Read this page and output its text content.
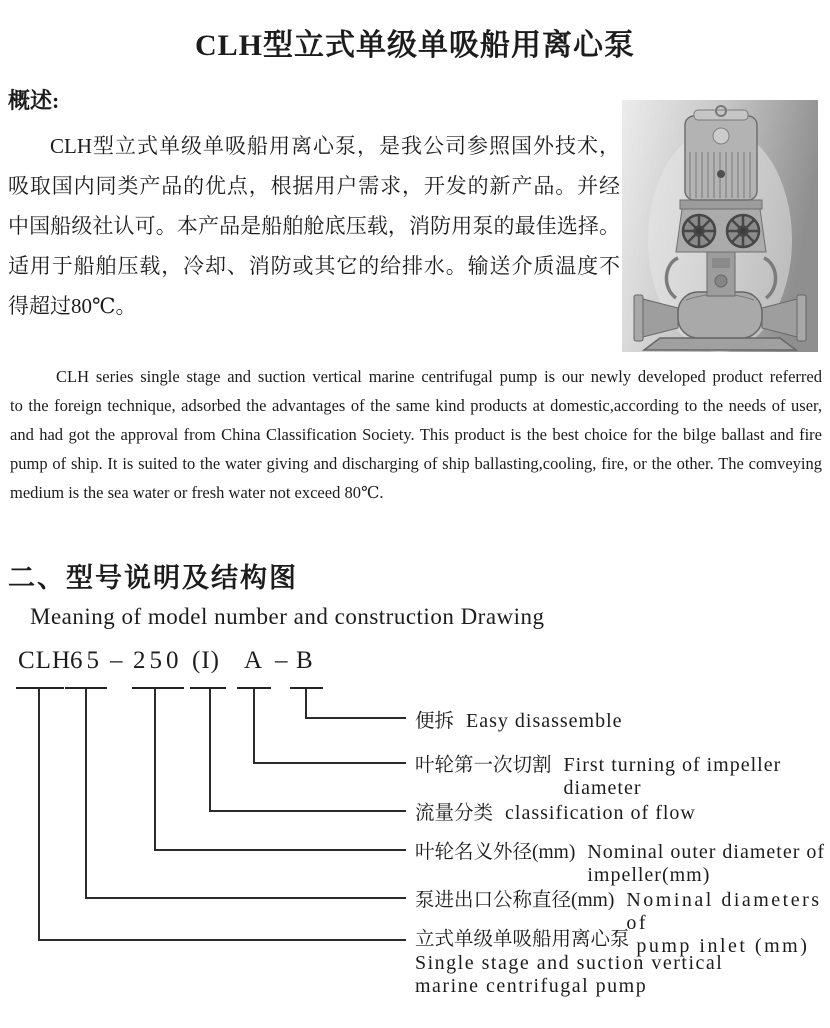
CLH型立式单级单吸船用离心泵
概述:
CLH型立式单级单吸船用离心泵，是我公司参照国外技术，
吸取国内同类产品的优点，根据用户需求，开发的新产品。并经
中国船级社认可。本产品是船舶舱底压载，消防用泵的最佳选择。
适用于船舶压载，冷却、消防或其它的给排水。输送介质温度不
得超过80℃。
CLH series single stage and suction vertical marine centrifugal pump is our newly developed product referred
to the foreign technique, adsorbed the advantages of the same kind products at domestic,according to the needs of user,
and had got the approval from China Classification Society. This product is the best choice for the bilge ballast and fire
pump of ship. It is suited to the water giving and discharging of ship ballasting,cooling, fire, or the other. The comveying
medium is the sea water or fresh water not exceed 80℃.
二、型号说明及结构图
Meaning of model number and construction Drawing
CLH 65 – 250 (I) A – B
便拆 Easy disassemble
叶轮第一次切割 First turning of impeller
diameter
流量分类 classification of flow
叶轮名义外径(mm) Nominal outer diameter of
impeller(mm)
泵进出口公称直径(mm) Nominal diameters of
pump inlet (mm)
立式单级单吸船用离心泵
Single stage and suction vertical
marine centrifugal pump
